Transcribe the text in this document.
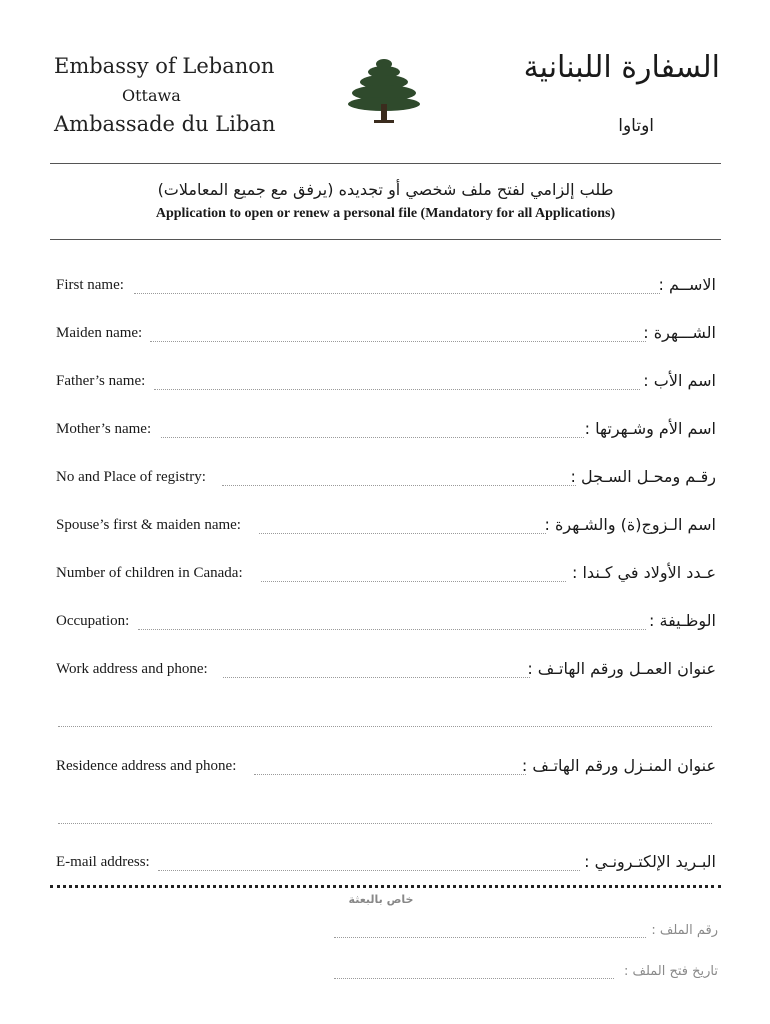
Embassy of Lebanon
Ottawa
Ambassade du Liban
السفارة اللبنانية
اوتاوا
طلب إلزامي لفتح ملف شخصي أو تجديده (يرفق مع جميع المعاملات)
Application to open or renew a personal file (Mandatory for all Applications)
First name:	الاســم :
Maiden name:	الشـــهرة :
Father’s name:	اسم الأب :
Mother’s name:	اسم الأم وشـهرتها :
No and Place of registry:	رقـم ومحـل السـجل :
Spouse’s first & maiden name:	اسم الـزوج(ة) والشـهرة :
Number of children in Canada:	عـدد الأولاد في كـندا :
Occupation:	الوظـيفة :
Work address and phone:	عنوان العمـل ورقم الهاتـف :
Residence address and phone:	عنوان المنـزل ورقم الهاتـف :
E-mail address:	البـريد الإلكتـرونـي :
خاص بالبعثة
رقم الملف :
تاريخ فتح الملف :
